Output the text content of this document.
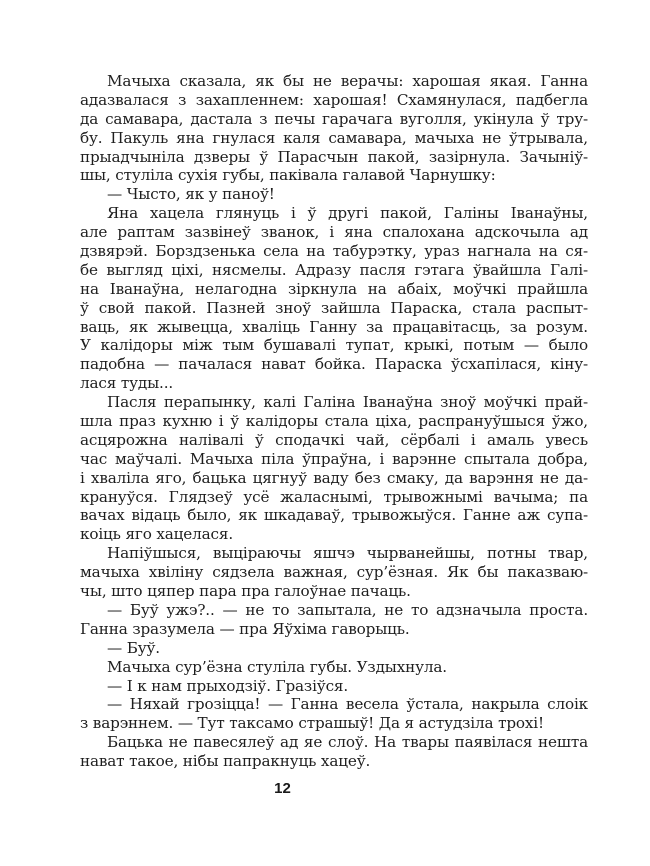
Мачыха сказала, як бы не верачы: харошая якая. Ганна
адазвалася з захапленнем: харошая! Схамянулася, падбегла
да самавара, дастала з печы гарачага вуголля, укінула ў тру-
бу. Пакуль яна гнулася каля самавара, мачыха не ўтрывала,
прыадчыніла дзверы ў Парасчын пакой, зазірнула. Зачыніў-
шы, стуліла сухія губы, паківала галавой Чарнушку:
— Чысто, як у паноў!
Яна хацела глянуць і ў другі пакой, Галіны Іванаўны,
але раптам зазвінеў званок, і яна спалохана адскочыла ад
дзвярэй. Борздзенька села на табурэтку, ураз нагнала на ся-
бе выгляд ціхі, нясмелы. Адразу пасля гэтага ўвайшла Галі-
на Іванаўна, нелагодна зіркнула на абаіх, моўчкі прайшла
ў свой пакой. Пазней зноў зайшла Параска, стала распыт-
ваць, як жывецца, хваліць Ганну за працавітасць, за розум.
У калідоры між тым бушавалі тупат, крыкі, потым — было
падобна — пачалася нават бойка. Параска ўсхапілася, кіну-
лася туды...
Пасля перапынку, калі Галіна Іванаўна зноў моўчкі прай-
шла праз кухню і ў калідоры стала ціха, распрануўшыся ўжо,
асцярожна налівалі ў сподачкі чай, сёрбалі і амаль увесь
час маўчалі. Мачыха піла ўпраўна, і варэнне спытала добра,
і хваліла яго, бацька цягнуў ваду без смаку, да варэння не да-
крануўся. Глядзеў усё жаласнымі, трывожнымі вачыма; па
вачах відаць было, як шкадаваў, трывожыўся. Ганне аж супа-
коіць яго хацелася.
Напіўшыся, выціраючы яшчэ чырванейшы, потны твар,
мачыха хвіліну сядзела важная, сур’ёзная. Як бы паказваю-
чы, што цяпер пара пра галоўнае пачаць.
— Буў ужэ?.. — не то запытала, не то адзначыла проста.
Ганна зразумела — пра Яўхіма гаворыць.
— Буў.
Мачыха сур’ёзна стуліла губы. Уздыхнула.
— І к нам прыходзіў. Гразіўся.
— Няхай грозіцца! — Ганна весела ўстала, накрыла слоік
з варэннем. — Тут таксамо страшыў! Да я астудзіла трохі!
Бацька не павесялеў ад яе слоў. На твары паявілася нешта
нават такое, нібы папракнуць хацеў.
12
